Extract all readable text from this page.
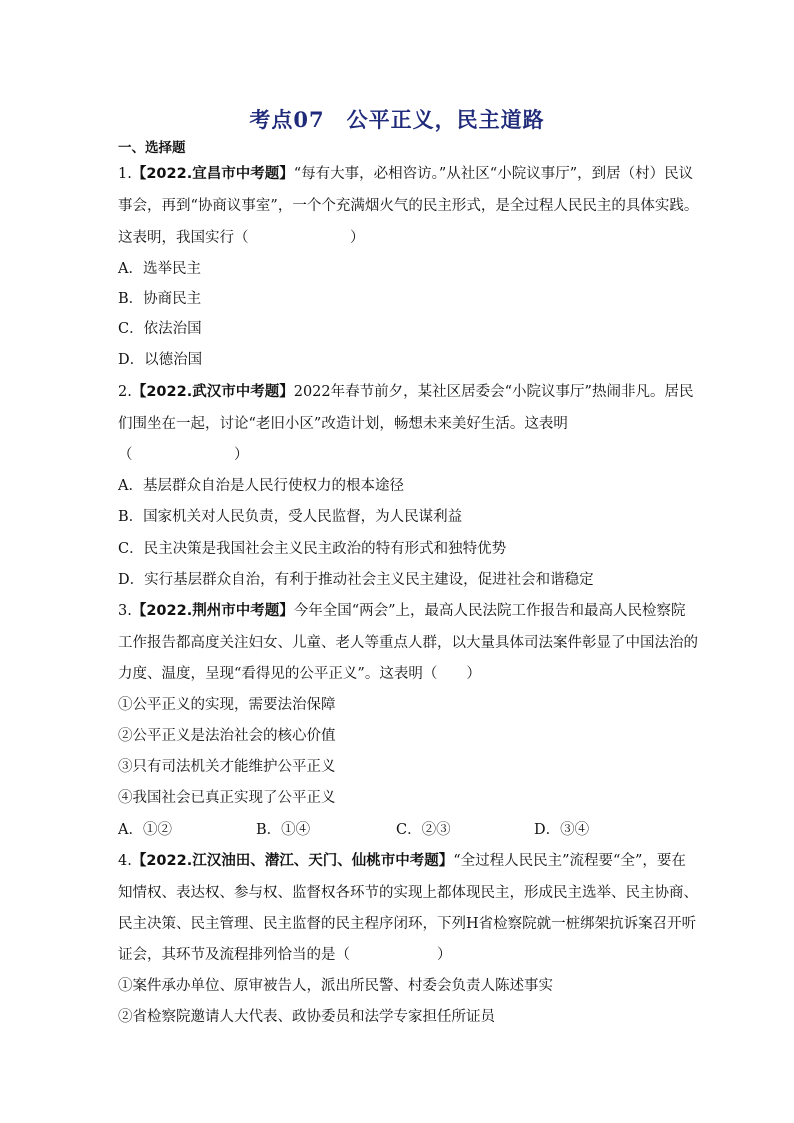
考点07　公平正义，民主道路
一、选择题
1.【2022.宜昌市中考题】“每有大事，必相咨访。”从社区“小院议事厅”，到居（村）民议
事会，再到“协商议事室”，一个个充满烟火气的民主形式，是全过程人民民主的具体实践。
这表明，我国实行（　　　　　　　）
A．选举民主
B．协商民主
C．依法治国
D．以德治国
2.【2022.武汉市中考题】2022年春节前夕，某社区居委会“小院议事厅”热闹非凡。居民
们围坐在一起，讨论“老旧小区”改造计划，畅想未来美好生活。这表明
（　　　　　　　）
A．基层群众自治是人民行使权力的根本途径
B．国家机关对人民负责，受人民监督，为人民谋利益
C．民主决策是我国社会主义民主政治的特有形式和独特优势
D．实行基层群众自治，有利于推动社会主义民主建设，促进社会和谐稳定
3.【2022.荆州市中考题】今年全国“两会”上，最高人民法院工作报告和最高人民检察院
工作报告都高度关注妇女、儿童、老人等重点人群，以大量具体司法案件彰显了中国法治的
力度、温度，呈现“看得见的公平正义”。这表明（　　）
①公平正义的实现，需要法治保障
②公平正义是法治社会的核心价值
③只有司法机关才能维护公平正义
④我国社会已真正实现了公平正义
A．①②	B．①④	C．②③	D．③④
4.【2022.江汉油田、潜江、天门、仙桃市中考题】“全过程人民民主”流程要“全”，要在
知情权、表达权、参与权、监督权各环节的实现上都体现民主，形成民主选举、民主协商、
民主决策、民主管理、民主监督的民主程序闭环，下列H省检察院就一桩绑架抗诉案召开听
证会，其环节及流程排列恰当的是（　　　　　　）
①案件承办单位、原审被告人，派出所民警、村委会负责人陈述事实
②省检察院邀请人大代表、政协委员和法学专家担任所证员
